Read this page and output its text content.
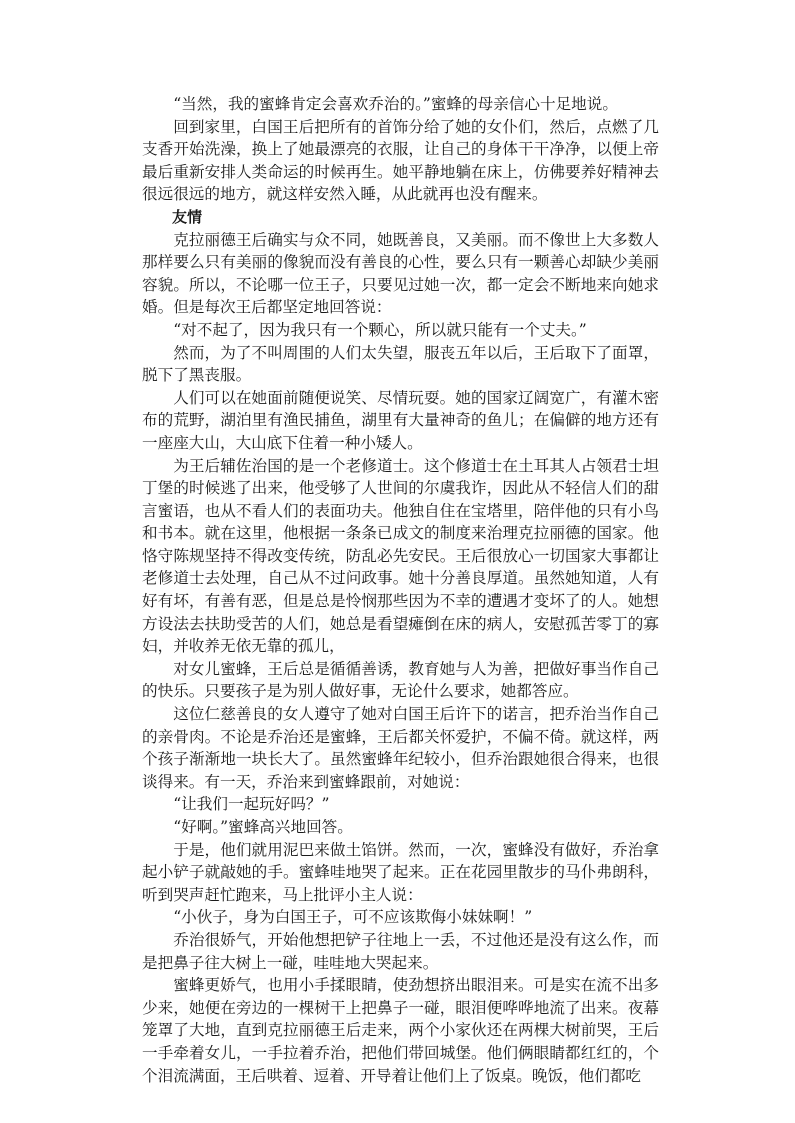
“当然，我的蜜蜂肯定会喜欢乔治的。”蜜蜂的母亲信心十足地说。

回到家里，白国王后把所有的首饰分给了她的女仆们，然后，点燃了几支香开始洗澡，换上了她最漂亮的衣服，让自己的身体干干净净，以便上帝最后重新安排人类命运的时候再生。她平静地躺在床上，仿佛要养好精神去很远很远的地方，就这样安然入睡，从此就再也没有醒来。

友情

克拉丽德王后确实与众不同，她既善良，又美丽。而不像世上大多数人那样要么只有美丽的像貌而没有善良的心性，要么只有一颗善心却缺少美丽容貌。所以，不论哪一位王子，只要见过她一次，都一定会不断地来向她求婚。但是每次王后都坚定地回答说：

“对不起了，因为我只有一个颗心，所以就只能有一个丈夫。”

然而，为了不叫周围的人们太失望，服丧五年以后，王后取下了面罩，脱下了黑丧服。

人们可以在她面前随便说笑、尽情玩耍。她的国家辽阔宽广，有灌木密布的荒野，湖泊里有渔民捕鱼，湖里有大量神奇的鱼儿；在偏僻的地方还有一座座大山，大山底下住着一种小矮人。

为王后辅佐治国的是一个老修道士。这个修道士在土耳其人占领君士坦丁堡的时候逃了出来，他受够了人世间的尔虞我诈，因此从不轻信人们的甜言蜜语，也从不看人们的表面功夫。他独自住在宝塔里，陪伴他的只有小鸟和书本。就在这里，他根据一条条已成文的制度来治理克拉丽德的国家。他恪守陈规坚持不得改变传统，防乱必先安民。王后很放心一切国家大事都让老修道士去处理，自己从不过问政事。她十分善良厚道。虽然她知道，人有好有坏，有善有恶，但是总是怜悯那些因为不幸的遭遇才变坏了的人。她想方设法去扶助受苦的人们，她总是看望瘫倒在床的病人，安慰孤苦零丁的寡妇，并收养无依无靠的孤儿，

对女儿蜜蜂，王后总是循循善诱，教育她与人为善，把做好事当作自己的快乐。只要孩子是为别人做好事，无论什么要求，她都答应。

这位仁慈善良的女人遵守了她对白国王后许下的诺言，把乔治当作自己的亲骨肉。不论是乔治还是蜜蜂，王后都关怀爱护，不偏不倚。就这样，两个孩子渐渐地一块长大了。虽然蜜蜂年纪较小，但乔治跟她很合得来，也很谈得来。有一天，乔治来到蜜蜂跟前，对她说：

“让我们一起玩好吗？”

“好啊。”蜜蜂高兴地回答。

于是，他们就用泥巴来做土馅饼。然而，一次，蜜蜂没有做好，乔治拿起小铲子就敲她的手。蜜蜂哇地哭了起来。正在花园里散步的马仆弗朗科，听到哭声赶忙跑来，马上批评小主人说：

“小伙子，身为白国王子，可不应该欺侮小妹妹啊！”

乔治很娇气，开始他想把铲子往地上一丢，不过他还是没有这么作，而是把鼻子往大树上一碰，哇哇地大哭起来。

蜜蜂更娇气，也用小手揉眼睛，使劲想挤出眼泪来。可是实在流不出多少来，她便在旁边的一棵树干上把鼻子一碰，眼泪便哗哗地流了出来。夜幕笼罩了大地，直到克拉丽德王后走来，两个小家伙还在两棵大树前哭，王后一手牵着女儿，一手拉着乔治，把他们带回城堡。他们俩眼睛都红红的，个个泪流满面，王后哄着、逗着、开导着让他们上了饭桌。晚饭，他们都吃
